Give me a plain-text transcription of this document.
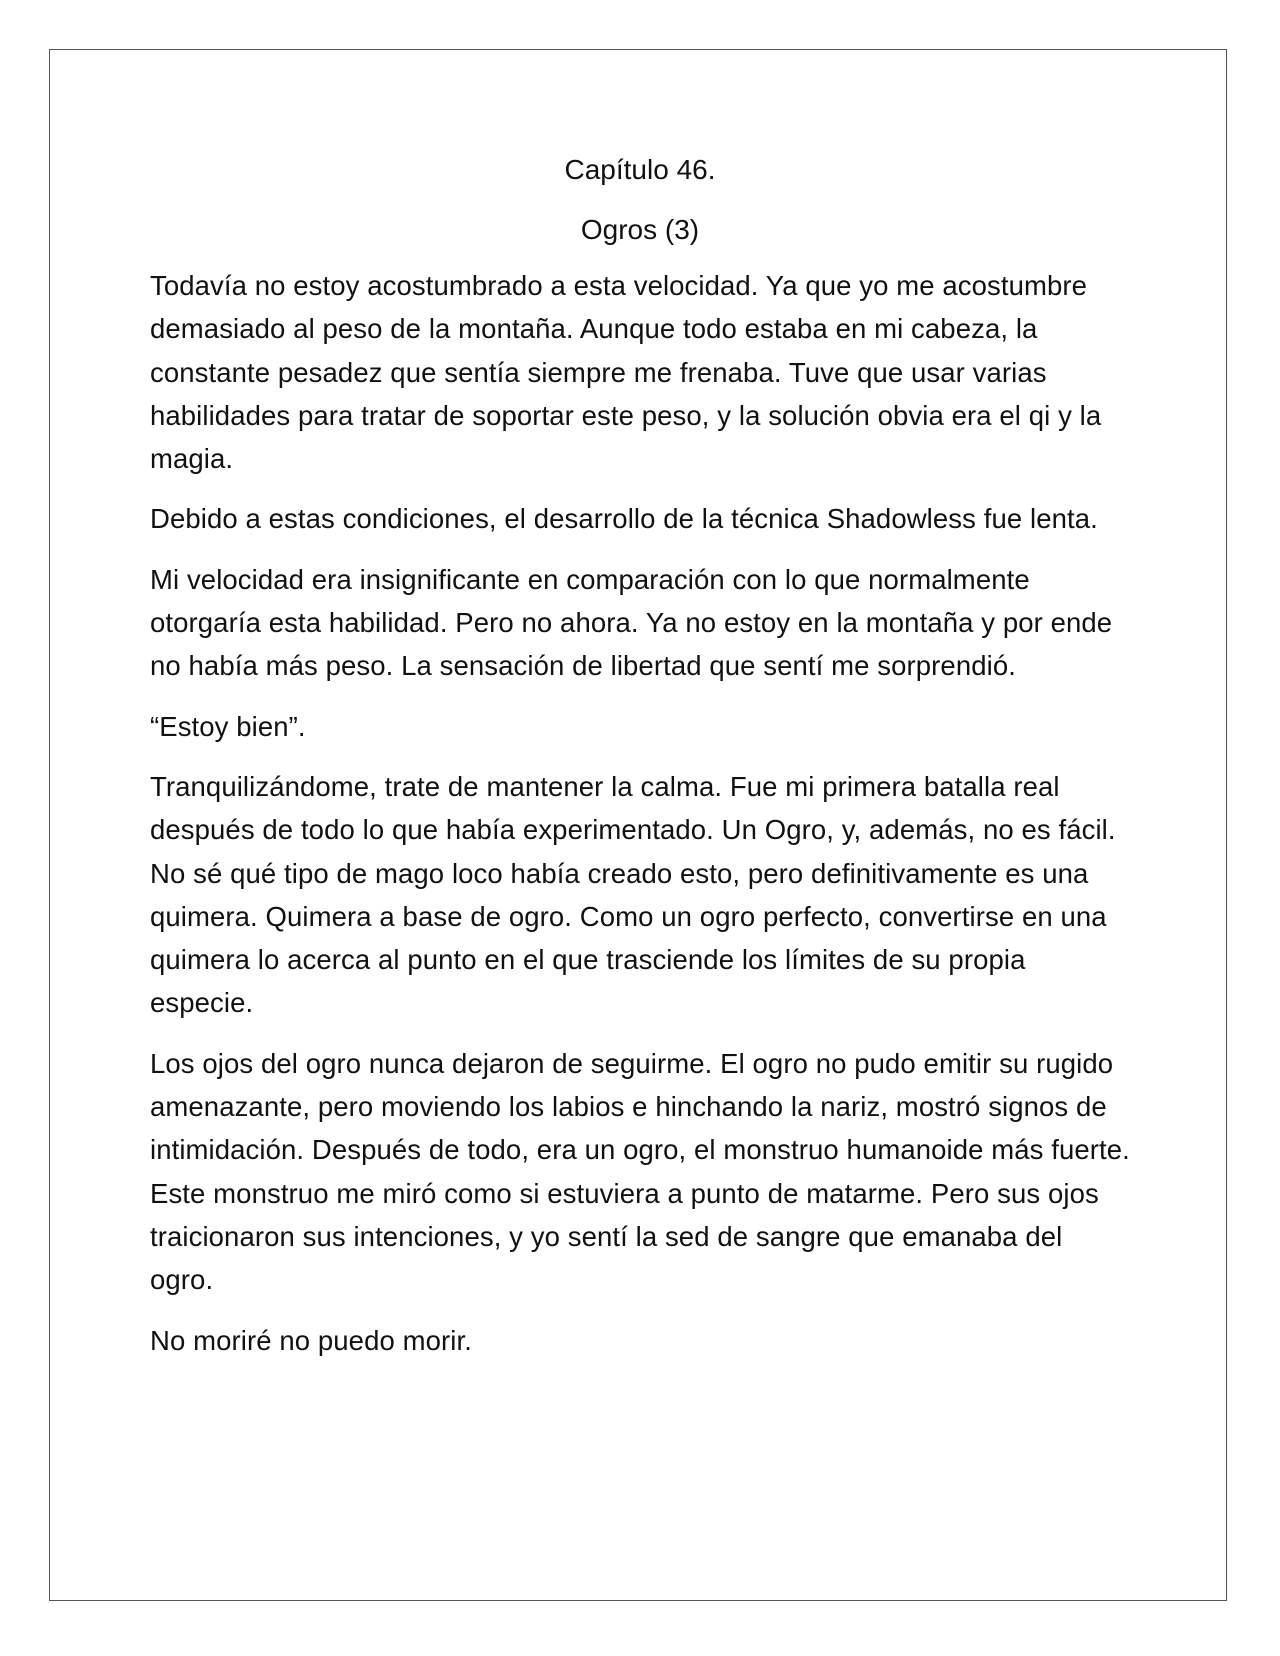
Capítulo 46.
Ogros (3)

Todavía no estoy acostumbrado a esta velocidad. Ya que yo me acostumbre demasiado al peso de la montaña. Aunque todo estaba en mi cabeza, la constante pesadez que sentía siempre me frenaba. Tuve que usar varias habilidades para tratar de soportar este peso, y la solución obvia era el qi y la magia.

Debido a estas condiciones, el desarrollo de la técnica Shadowless fue lenta.

Mi velocidad era insignificante en comparación con lo que normalmente otorgaría esta habilidad. Pero no ahora. Ya no estoy en la montaña y por ende no había más peso. La sensación de libertad que sentí me sorprendió.

“Estoy bien”.

Tranquilizándome, trate de mantener la calma. Fue mi primera batalla real después de todo lo que había experimentado. Un Ogro, y, además, no es fácil. No sé qué tipo de mago loco había creado esto, pero definitivamente es una quimera. Quimera a base de ogro. Como un ogro perfecto, convertirse en una quimera lo acerca al punto en el que trasciende los límites de su propia especie.

Los ojos del ogro nunca dejaron de seguirme. El ogro no pudo emitir su rugido amenazante, pero moviendo los labios e hinchando la nariz, mostró signos de intimidación. Después de todo, era un ogro, el monstruo humanoide más fuerte. Este monstruo me miró como si estuviera a punto de matarme. Pero sus ojos traicionaron sus intenciones, y yo sentí la sed de sangre que emanaba del ogro.

No moriré no puedo morir.
